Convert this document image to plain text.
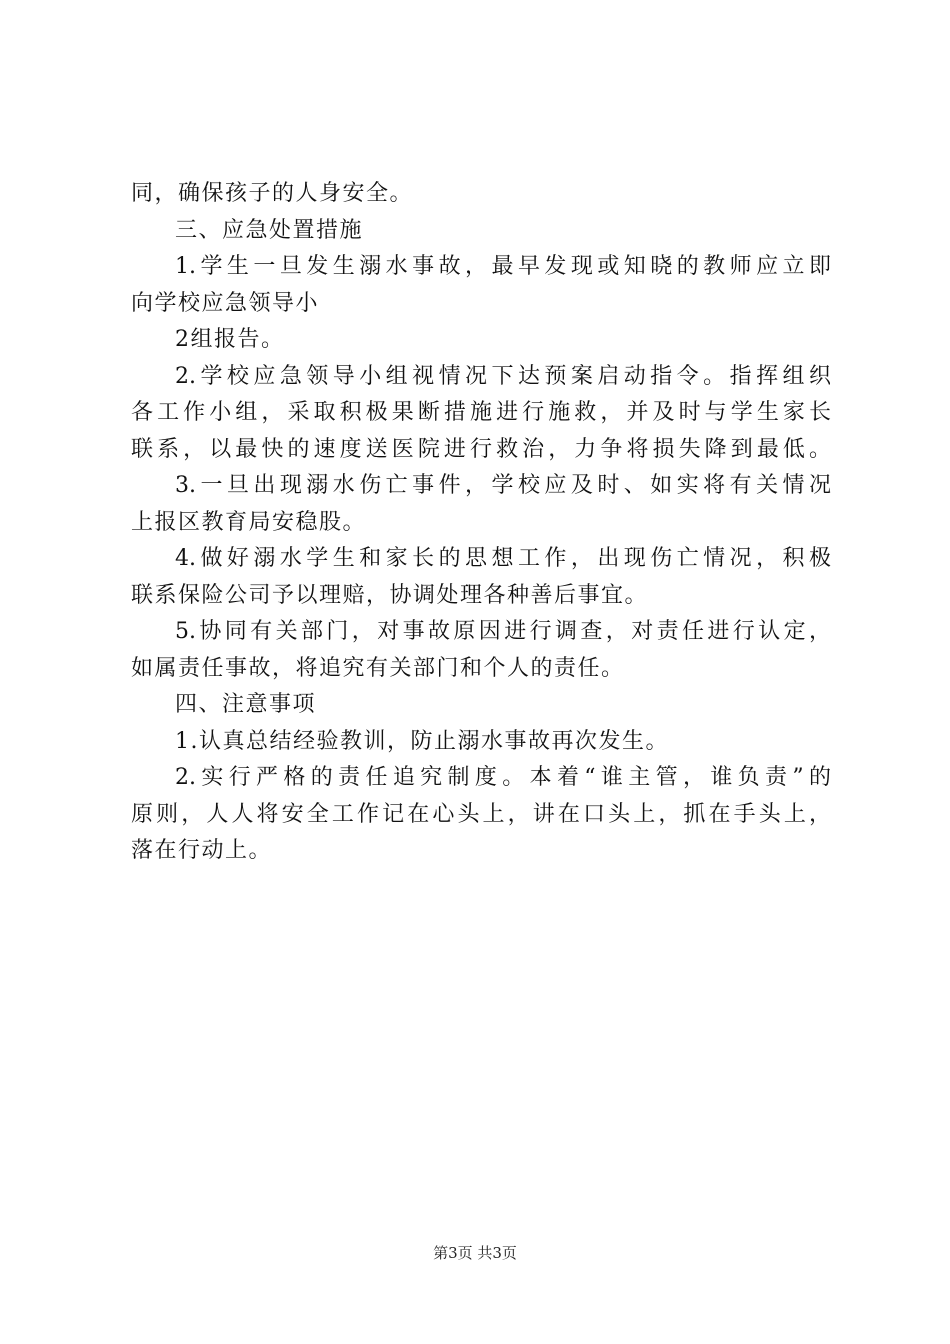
同，确保孩子的人身安全。
三、应急处置措施
1.学生一旦发生溺水事故，最早发现或知晓的教师应立即
向学校应急领导小
2组报告。
2.学校应急领导小组视情况下达预案启动指令。指挥组织
各工作小组，采取积极果断措施进行施救，并及时与学生家长
联系，以最快的速度送医院进行救治，力争将损失降到最低。
3.一旦出现溺水伤亡事件，学校应及时、如实将有关情况
上报区教育局安稳股。
4.做好溺水学生和家长的思想工作，出现伤亡情况，积极
联系保险公司予以理赔，协调处理各种善后事宜。
5.协同有关部门，对事故原因进行调查，对责任进行认定，
如属责任事故，将追究有关部门和个人的责任。
四、注意事项
1.认真总结经验教训，防止溺水事故再次发生。
2.实行严格的责任追究制度。本着“谁主管，谁负责”的
原则，人人将安全工作记在心头上，讲在口头上，抓在手头上，
落在行动上。
第3页 共3页
